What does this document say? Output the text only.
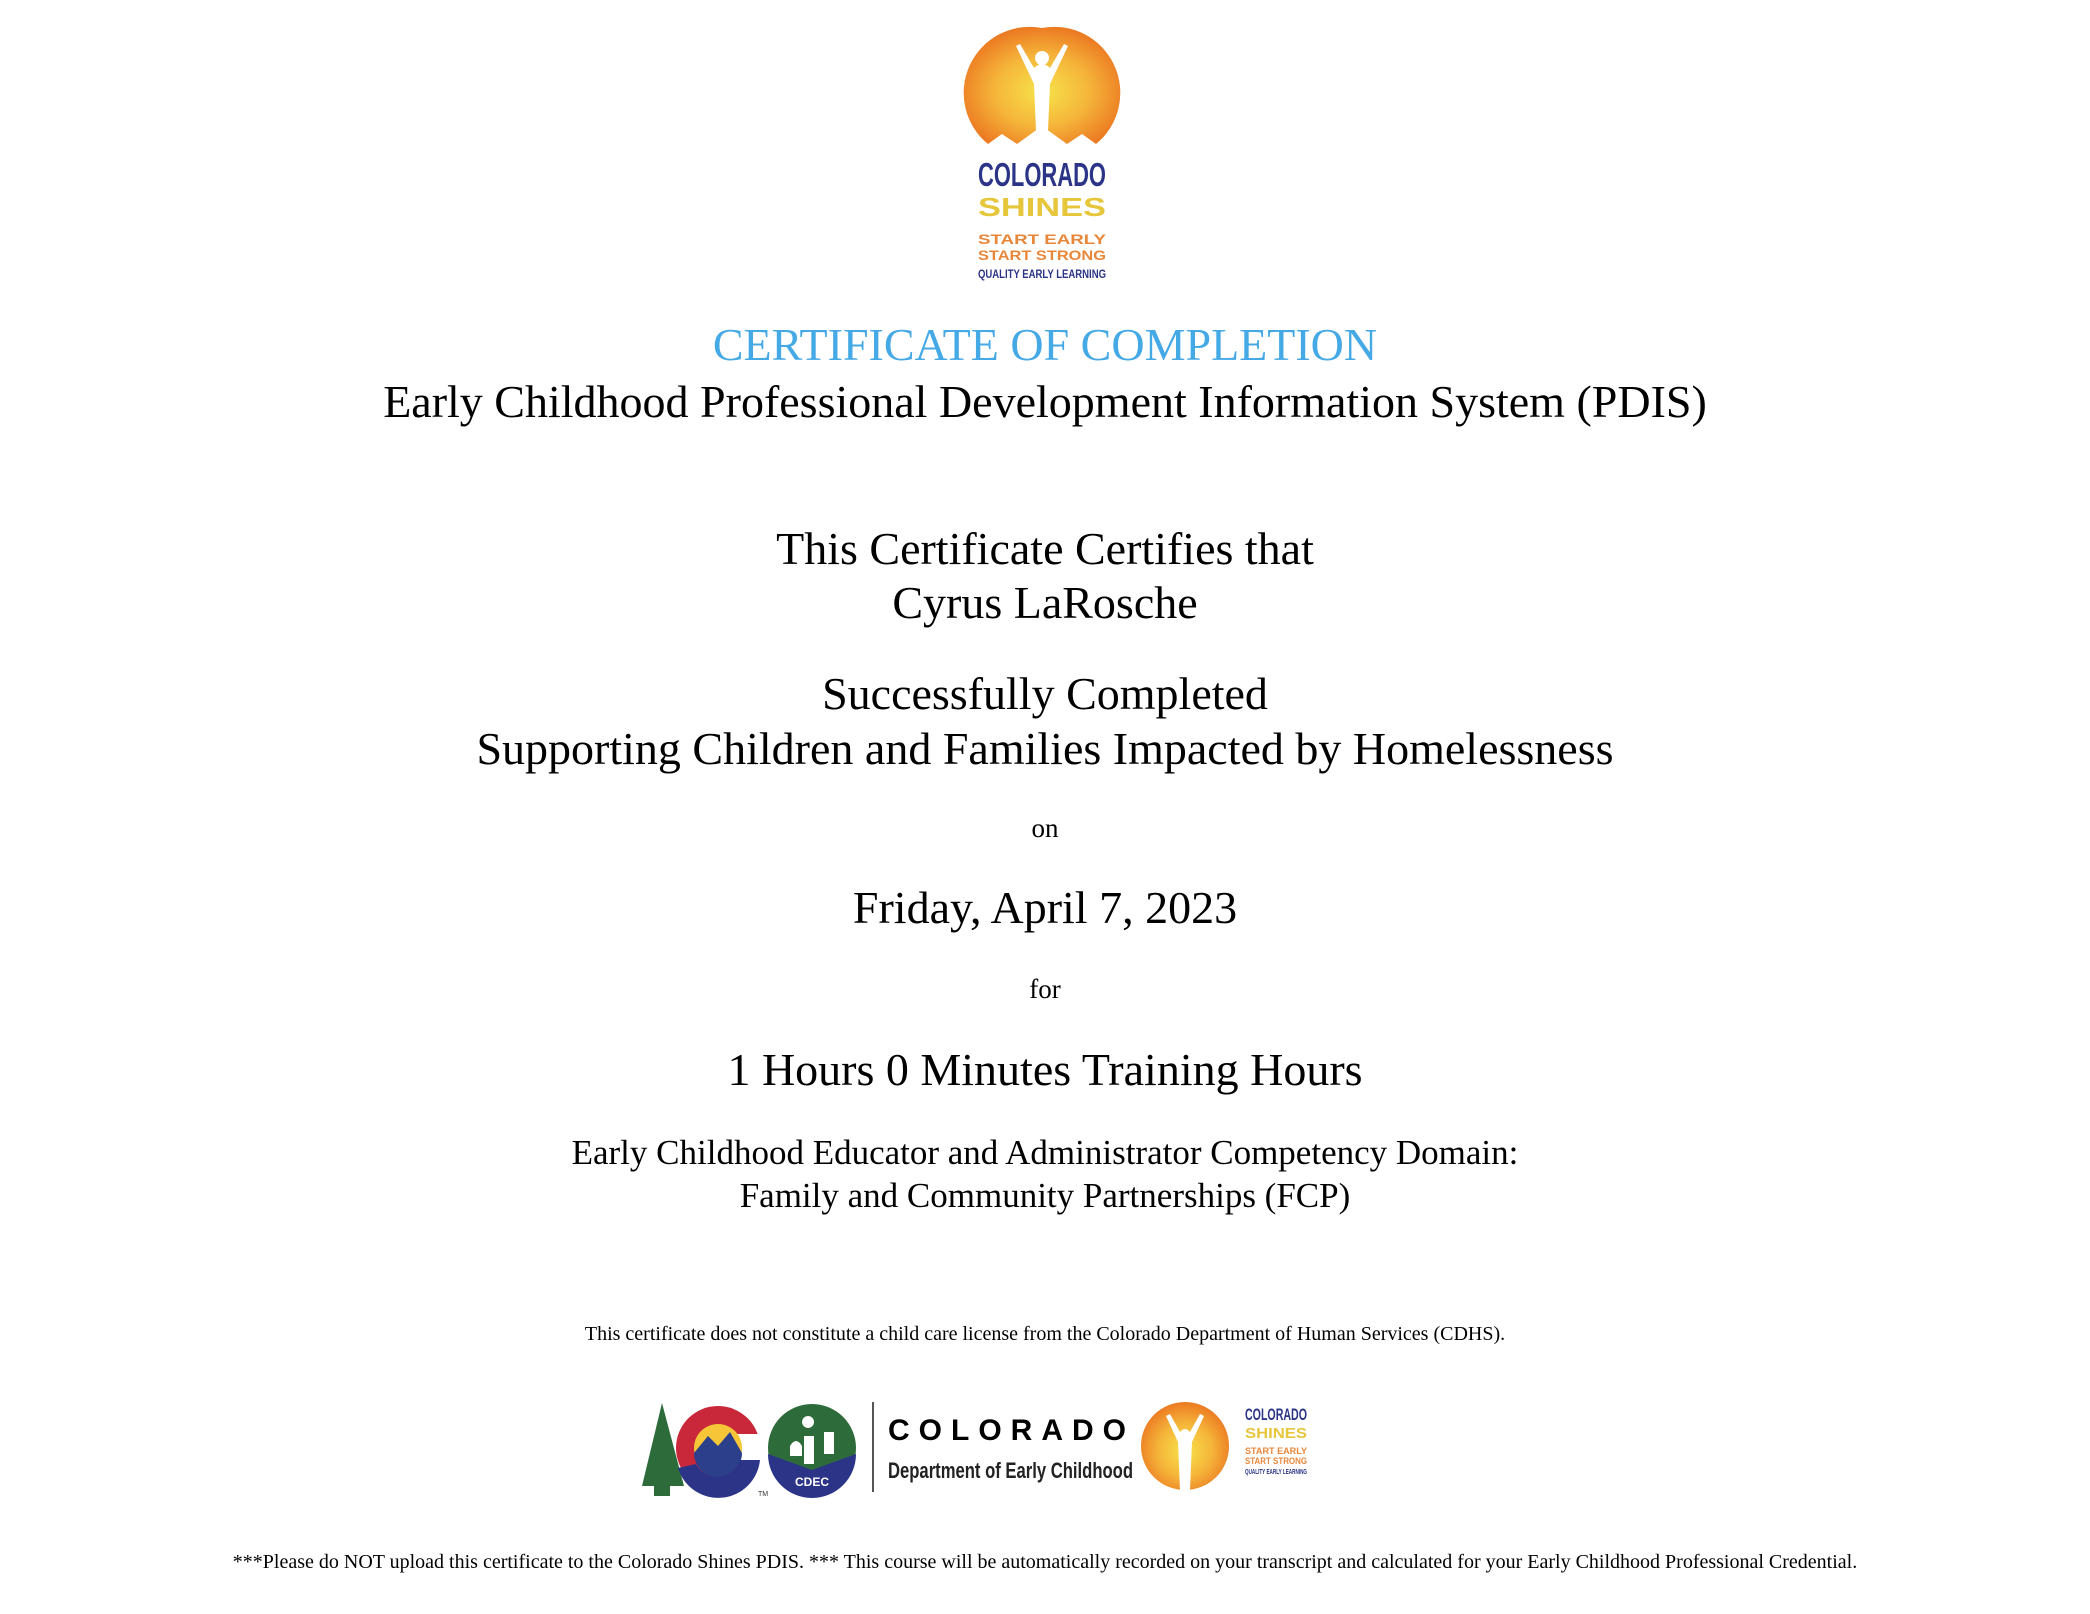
COLORADO
SHINES
START EARLY
START STRONG
QUALITY EARLY LEARNING
CERTIFICATE OF COMPLETION
Early Childhood Professional Development Information System (PDIS)
This Certificate Certifies that
Cyrus LaRosche
Successfully Completed
Supporting Children and Families Impacted by Homelessness
on
Friday, April 7, 2023
for
1 Hours 0 Minutes Training Hours
Early Childhood Educator and Administrator Competency Domain:
Family and Community Partnerships (FCP)
This certificate does not constitute a child care license from the Colorado Department of Human Services (CDHS).
TM
CDEC
COLORADO
Department of Early Childhood
COLORADO
SHINES
START EARLY
START STRONG
QUALITY EARLY LEARNING
***Please do NOT upload this certificate to the Colorado Shines PDIS. *** This course will be automatically recorded on your transcript and calculated for your Early Childhood Professional Credential.
